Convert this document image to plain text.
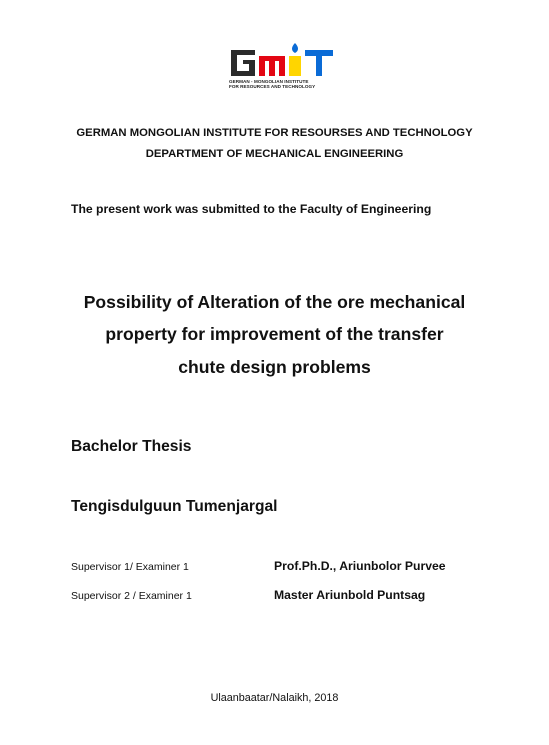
GERMAN - MONGOLIAN INSTITUTE
FOR RESOURCES AND TECHNOLOGY
GERMAN MONGOLIAN INSTITUTE FOR RESOURSES AND TECHNOLOGY
DEPARTMENT OF MECHANICAL ENGINEERING
The present work was submitted to the Faculty of Engineering
Possibility of Alteration of the ore mechanical
property for improvement of the transfer
chute design problems
Bachelor Thesis
Tengisdulguun Tumenjargal
Supervisor 1/ Examiner 1	Prof.Ph.D., Ariunbolor Purvee
Supervisor 2 / Examiner 1	Master Ariunbold Puntsag
Ulaanbaatar/Nalaikh, 2018
